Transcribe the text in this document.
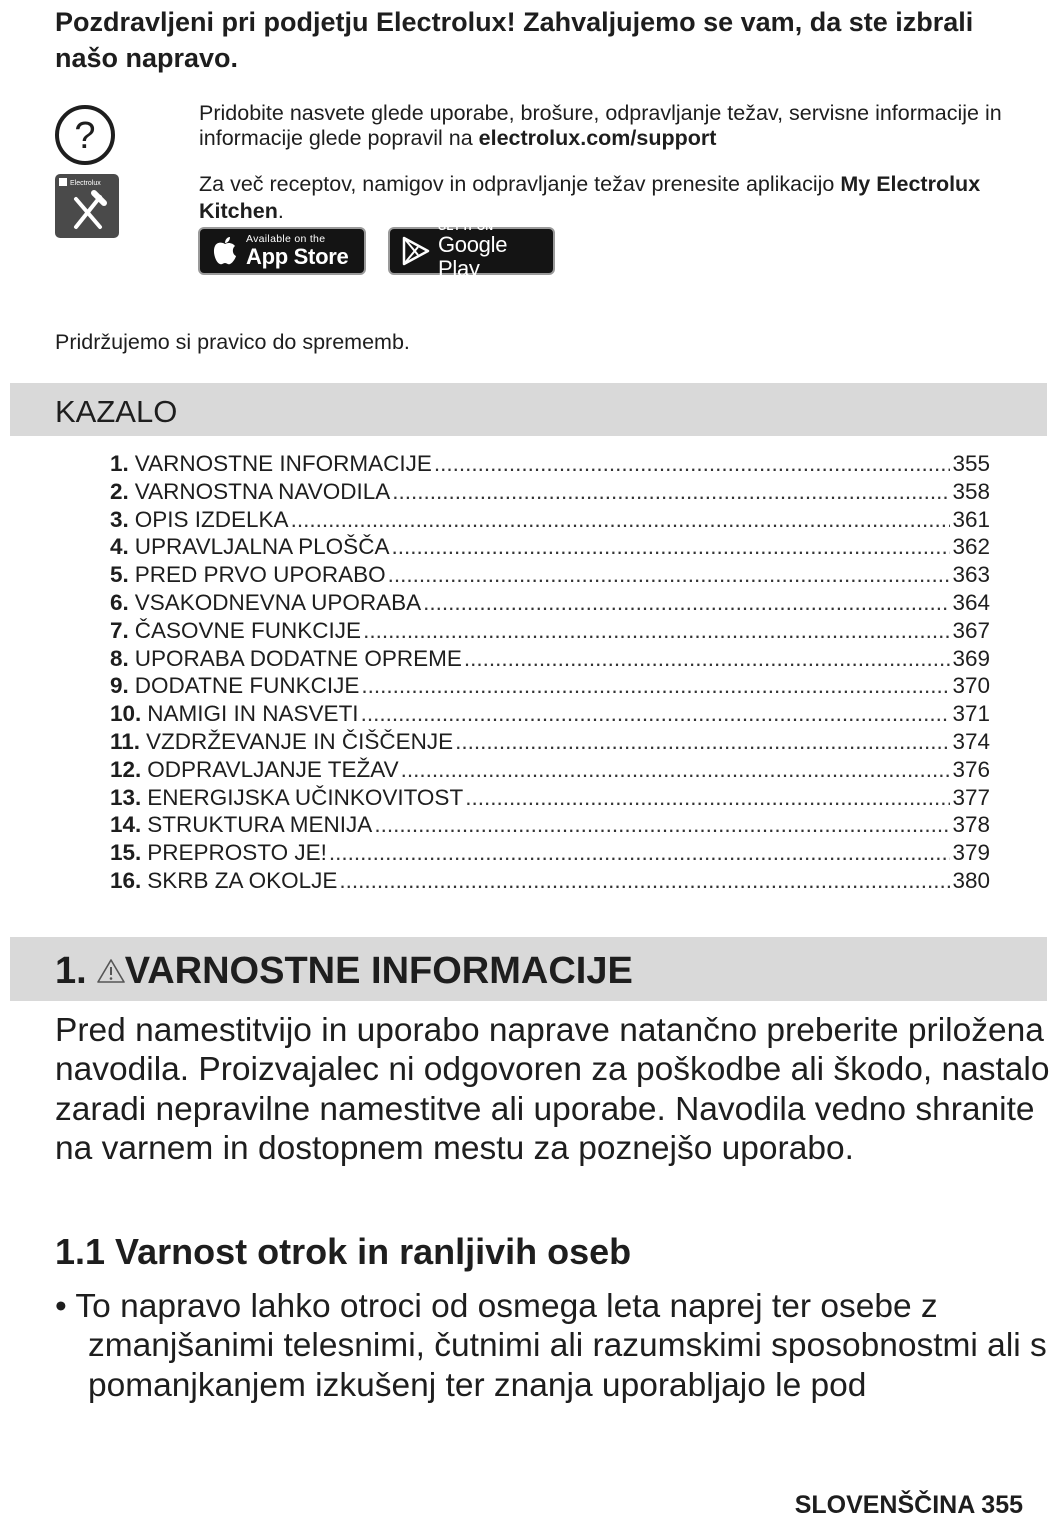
Pozdravljeni pri podjetju Electrolux! Zahvaljujemo se vam, da ste izbrali našo napravo.
?
Pridobite nasvete glede uporabe, brošure, odpravljanje težav, servisne informacije in informacije glede popravil na electrolux.com/support
Electrolux	Za več receptov, namigov in odpravljanje težav prenesite aplikacijo My Electrolux Kitchen.
Available on the
App Store
GET IT ON
Google Play
Pridržujemo si pravico do sprememb.
KAZALO
1. VARNOSTNE INFORMACIJE .....	355
2. VARNOSTNA NAVODILA .....	358
3. OPIS IZDELKA .....	361
4. UPRAVLJALNA PLOŠČA .....	362
5. PRED PRVO UPORABO .....	363
6. VSAKODNEVNA UPORABA .....	364
7. ČASOVNE FUNKCIJE .....	367
8. UPORABA DODATNE OPREME .....	369
9. DODATNE FUNKCIJE .....	370
10. NAMIGI IN NASVETI .....	371
11. VZDRŽEVANJE IN ČIŠČENJE .....	374
12. ODPRAVLJANJE TEŽAV .....	376
13. ENERGIJSKA UČINKOVITOST .....	377
14. STRUKTURA MENIJA .....	378
15. PREPROSTO JE! .....	379
16. SKRB ZA OKOLJE .....	380
1. VARNOSTNE INFORMACIJE
Pred namestitvijo in uporabo naprave natančno preberite priložena navodila. Proizvajalec ni odgovoren za poškodbe ali škodo, nastalo zaradi nepravilne namestitve ali uporabe. Navodila vedno shranite na varnem in dostopnem mestu za poznejšo uporabo.
1.1 Varnost otrok in ranljivih oseb
• To napravo lahko otroci od osmega leta naprej ter osebe z zmanjšanimi telesnimi, čutnimi ali razumskimi sposobnostmi ali s pomanjkanjem izkušenj ter znanja uporabljajo le pod
SLOVENŠČINA 355
